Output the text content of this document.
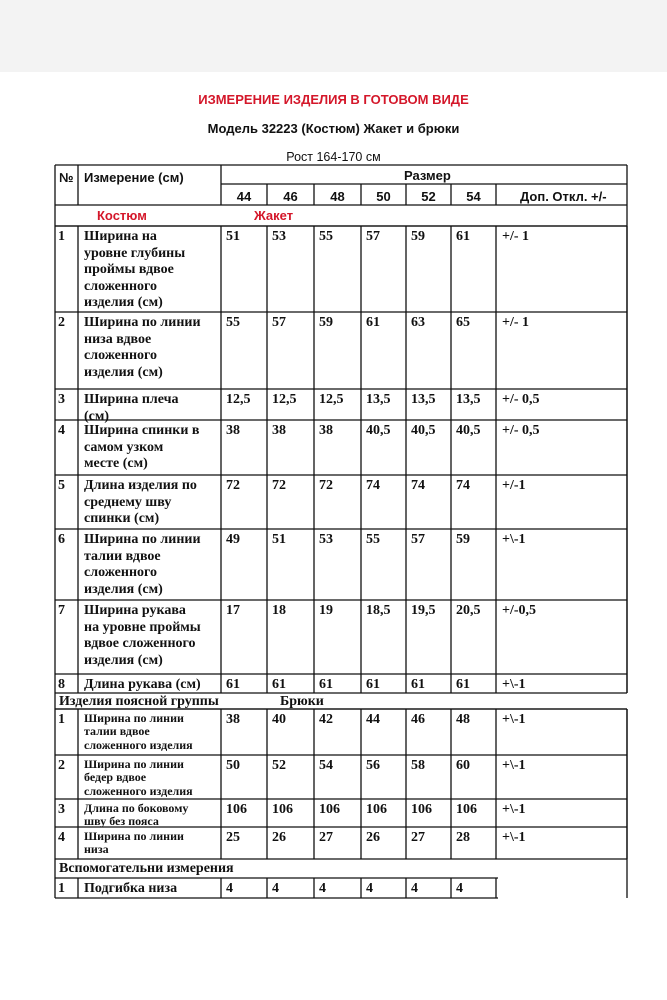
ИЗМЕРЕНИЕ ИЗДЕЛИЯ В ГОТОВОМ ВИДЕ
Модель 32223 (Костюм) Жакет и брюки
Рост 164-170 см
№ Измерение (см)	Размер
44	46	48	50	52	54	Доп. Откл. +/-
Костюм	Жакет
1 Ширина на
уровне глубины
проймы вдвое
сложенного
изделия (см)
51 53 55 57 59 61 +/- 1
2 Ширина по линии
низа вдвое
сложенного
изделия (см)
55 57 59 61 63 65 +/- 1
3 Ширина плеча
(см)
12,5 12,5 12,5 13,5 13,5 13,5 +/- 0,5
4 Ширина спинки в
самом узком
месте (см)
38 38 38 40,5 40,5 40,5 +/- 0,5
5 Длина изделия по
среднему шву
спинки (см)
72 72 72 74 74 74 +/-1
6 Ширина по линии
талии вдвое
сложенного
изделия (см)
49 51 53 55 57 59 +\-1
7 Ширина рукава
на уровне проймы
вдвое сложенного
изделия (см)
17 18 19 18,5 19,5 20,5 +/-0,5
8 Длина рукава (см) 61 61 61 61 61 61 +\-1
Изделия поясной группы	Брюки
1 Ширина по линии
талии вдвое
сложенного изделия
38 40 42 44 46 48 +\-1
2 Ширина по линии
бедер вдвое
сложенного изделия
50 52 54 56 58 60 +\-1
3 Длина по боковому
шву без пояса
106 106 106 106 106 106 +\-1
4 Ширина по линии
низа
25 26 27 26 27 28 +\-1
Вспомогательни измерения
1 Подгибка низа	4	4	4	4	4	4
